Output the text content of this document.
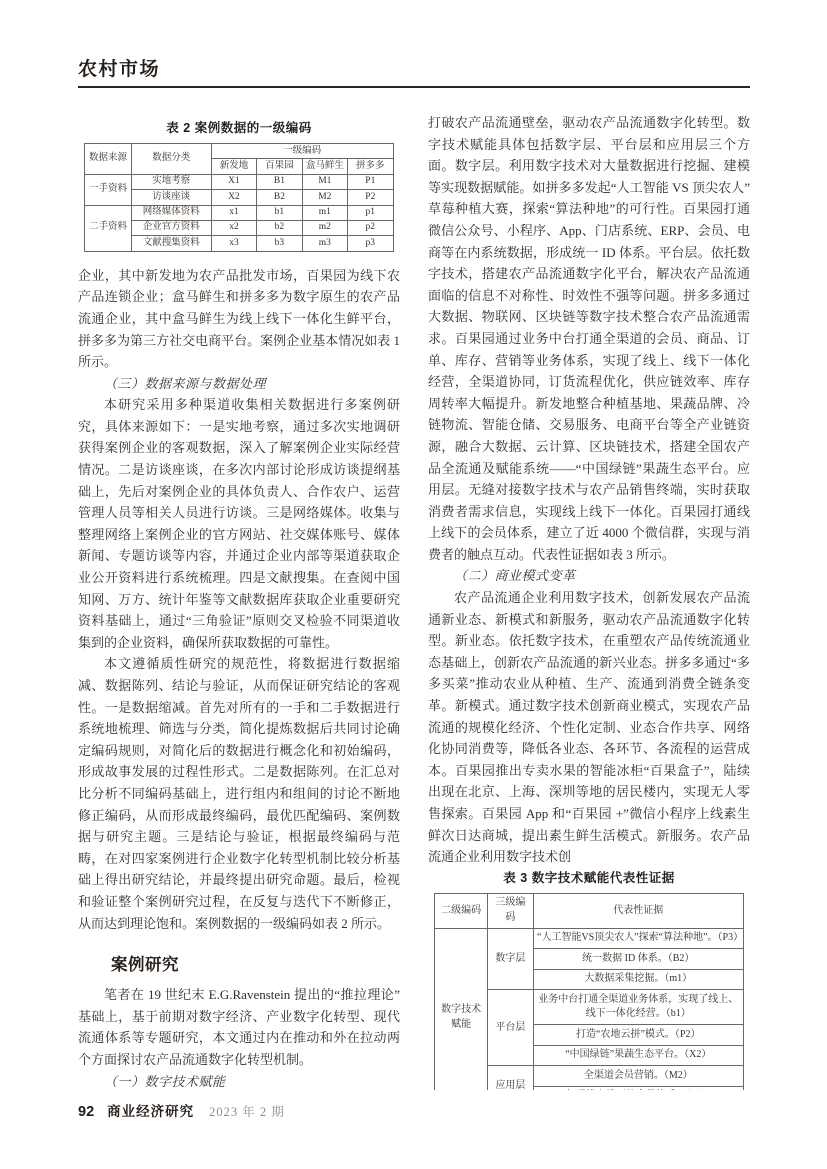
农村市场
表 2 案例数据的一级编码
数据来源	数据分类	一级编码			
		新发地	百果园	盒马鲜生	拼多多
一手资料	实地考察	X1	B1	M1	P1
	访谈座谈	X2	B2	M2	P2
二手资料	网络媒体资料	x1	b1	m1	p1
	企业官方资料	x2	b2	m2	p2
	文献搜集资料	x3	b3	m3	p3

企业，其中新发地为农产品批发市场，百果园为线下农产品连锁企业；盒马鲜生和拼多多为数字原生的农产品流通企业，其中盒马鲜生为线上线下一体化生鲜平台，拼多多为第三方社交电商平台。案例企业基本情况如表 1 所示。

（三）数据来源与数据处理

本研究采用多种渠道收集相关数据进行多案例研究，具体来源如下：一是实地考察，通过多次实地调研获得案例企业的客观数据，深入了解案例企业实际经营情况。二是访谈座谈，在多次内部讨论形成访谈提纲基础上，先后对案例企业的具体负责人、合作农户、运营管理人员等相关人员进行访谈。三是网络媒体。收集与整理网络上案例企业的官方网站、社交媒体账号、媒体新闻、专题访谈等内容，并通过企业内部等渠道获取企业公开资料进行系统梳理。四是文献搜集。在查阅中国知网、万方、统计年鉴等文献数据库获取企业重要研究资料基础上，通过“三角验证”原则交叉检验不同渠道收集到的企业资料，确保所获取数据的可靠性。

本文遵循质性研究的规范性，将数据进行数据缩减、数据陈列、结论与验证，从而保证研究结论的客观性。一是数据缩减。首先对所有的一手和二手数据进行系统地梳理、筛选与分类，简化提炼数据后共同讨论确定编码规则，对简化后的数据进行概念化和初始编码，形成故事发展的过程性形式。二是数据陈列。在汇总对比分析不同编码基础上，进行组内和组间的讨论不断地修正编码，从而形成最终编码，最优匹配编码、案例数据与研究主题。三是结论与验证，根据最终编码与范畴，在对四家案例进行企业数字化转型机制比较分析基础上得出研究结论，并最终提出研究命题。最后，检视和验证整个案例研究过程，在反复与迭代下不断修正，从而达到理论饱和。案例数据的一级编码如表 2 所示。

案例研究

笔者在 19 世纪末 E.G.Ravenstein 提出的“推拉理论”基础上，基于前期对数字经济、产业数字化转型、现代流通体系等专题研究，本文通过内在推动和外在拉动两个方面探讨农产品流通数字化转型机制。

（一）数字技术赋能

打破农产品流通壁垒，驱动农产品流通数字化转型。数字技术赋能具体包括数字层、平台层和应用层三个方面。数字层。利用数字技术对大量数据进行挖掘、建模等实现数据赋能。如拼多多发起“人工智能 VS 顶尖农人”草莓种植大赛，探索“算法种地”的可行性。百果园打通微信公众号、小程序、App、门店系统、ERP、会员、电商等在内系统数据，形成统一 ID 体系。平台层。依托数字技术，搭建农产品流通数字化平台，解决农产品流通面临的信息不对称性、时效性不强等问题。拼多多通过大数据、物联网、区块链等数字技术整合农产品流通需求。百果园通过业务中台打通全渠道的会员、商品、订单、库存、营销等业务体系，实现了线上、线下一体化经营，全渠道协同，订货流程优化，供应链效率、库存周转率大幅提升。新发地整合种植基地、果蔬品牌、冷链物流、智能仓储、交易服务、电商平台等全产业链资源，融合大数据、云计算、区块链技术，搭建全国农产品全流通及赋能系统——“中国绿链”果蔬生态平台。应用层。无缝对接数字技术与农产品销售终端，实时获取消费者需求信息，实现线上线下一体化。百果园打通线上线下的会员体系，建立了近 4000 个微信群，实现与消费者的触点互动。代表性证据如表 3 所示。

（二）商业模式变革

农产品流通企业利用数字技术，创新发展农产品流通新业态、新模式和新服务，驱动农产品流通数字化转型。新业态。依托数字技术，在重塑农产品传统流通业态基础上，创新农产品流通的新兴业态。拼多多通过“多多买菜”推动农业从种植、生产、流通到消费全链条变革。新模式。通过数字技术创新商业模式，实现农产品流通的规模化经济、个性化定制、业态合作共享、网络化协同消费等，降低各业态、各环节、各流程的运营成本。百果园推出专卖水果的智能冰柜“百果盒子”，陆续出现在北京、上海、深圳等地的居民楼内，实现无人零售探索。百果园 App 和“百果园 +”微信小程序上线素生鲜次日达商城，提出素生鲜生活模式。新服务。农产品流通企业利用数字技术创

表 3 数字技术赋能代表性证据
二级编码	三级编码	代表性证据
数字技术赋能	数字层	“人工智能VS顶尖农人”探索“算法种地”。（P3）
		统一数据 ID 体系。（B2）
		大数据采集挖掘。（m1）
	平台层	业务中台打通全渠道业务体系，实现了线上、线下一体化经营。（b1）
		打造“农地云拼”模式。（P2）
		“中国绿链”果蔬生态平台。（X2）
	应用层	全渠道会员营销。（M2）

92 商业经济研究 2023 年 2 期
